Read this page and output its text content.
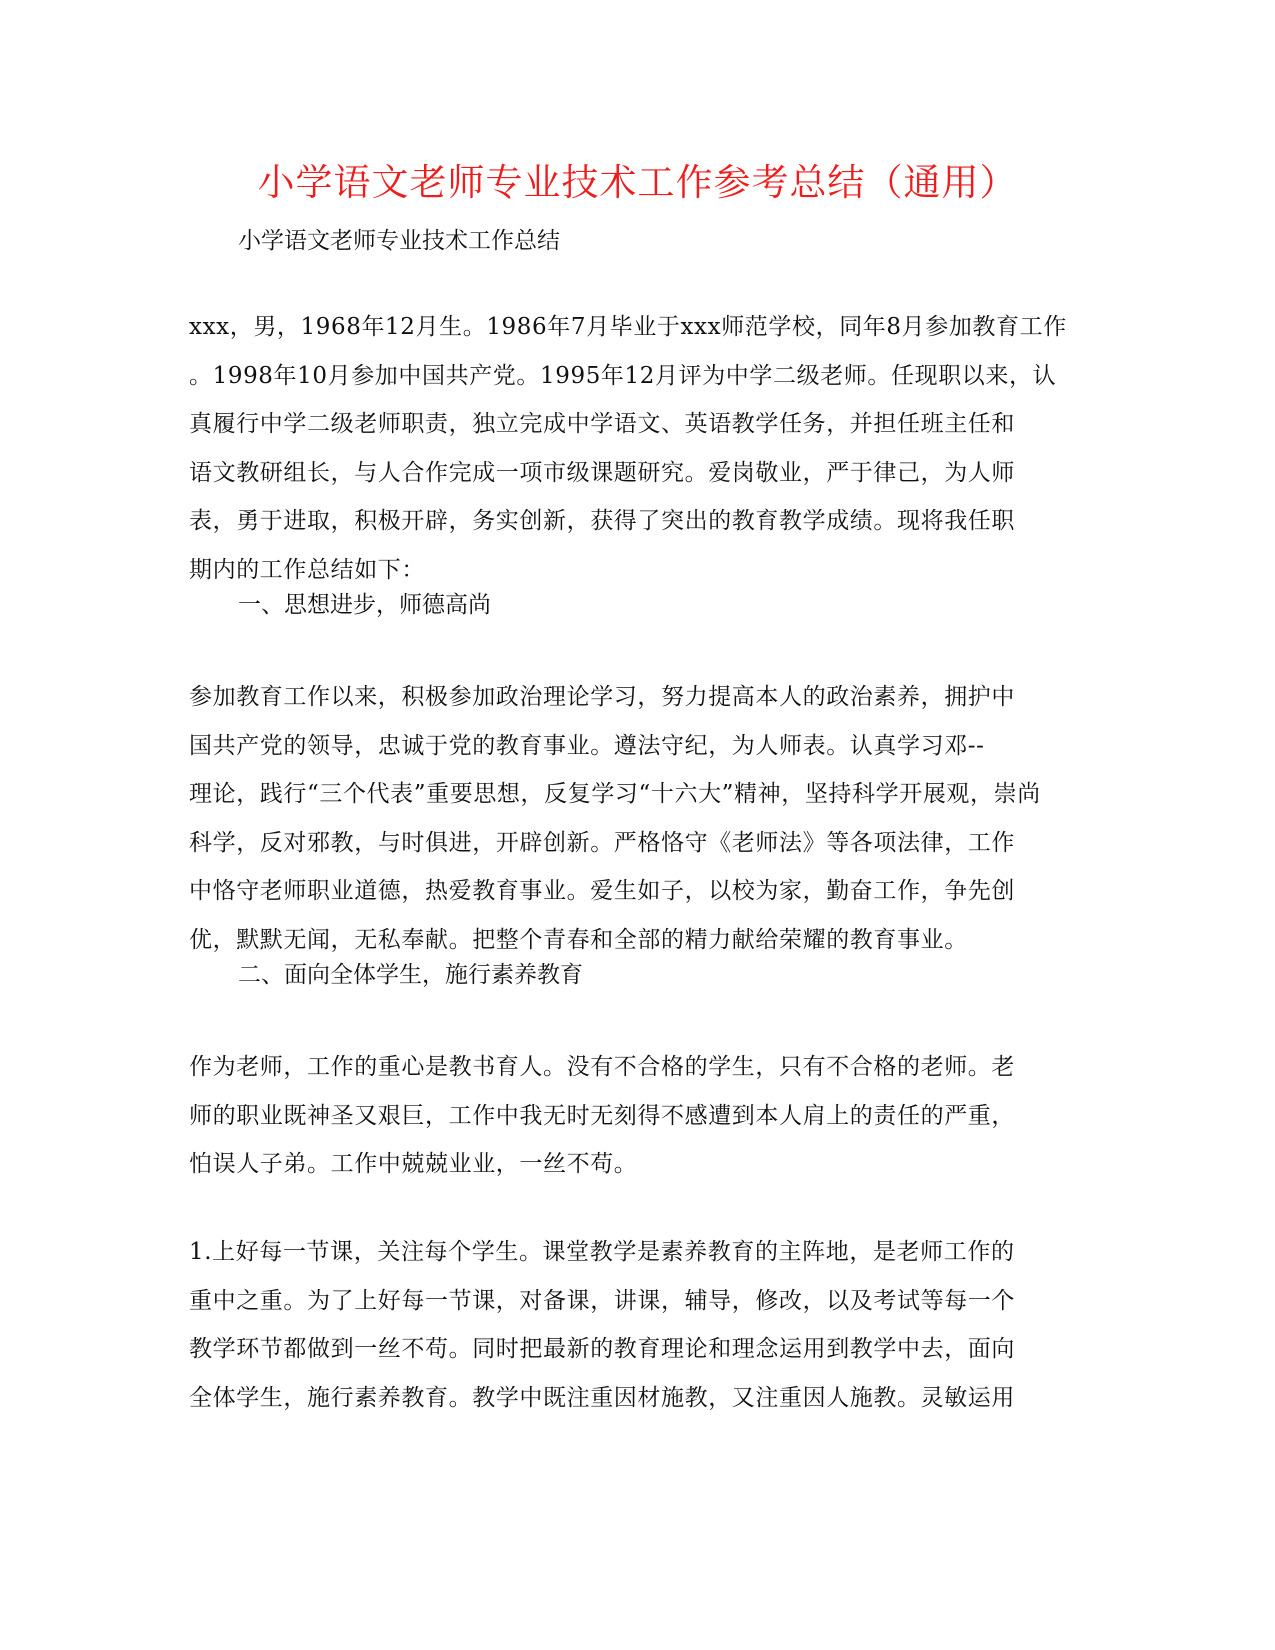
小学语文老师专业技术工作参考总结（通用）
小学语文老师专业技术工作总结
xxx，男，1968年12月生。1986年7月毕业于xxx师范学校，同年8月参加教育工作
。1998年10月参加中国共产党。1995年12月评为中学二级老师。任现职以来，认
真履行中学二级老师职责，独立完成中学语文、英语教学任务，并担任班主任和
语文教研组长，与人合作完成一项市级课题研究。爱岗敬业，严于律己，为人师
表，勇于进取，积极开辟，务实创新，获得了突出的教育教学成绩。现将我任职
期内的工作总结如下：
一、思想进步，师德高尚
参加教育工作以来，积极参加政治理论学习，努力提高本人的政治素养，拥护中
国共产党的领导，忠诚于党的教育事业。遵法守纪，为人师表。认真学习邓--
理论，践行“三个代表”重要思想，反复学习“十六大”精神，坚持科学开展观，崇尚
科学，反对邪教，与时俱进，开辟创新。严格恪守《老师法》等各项法律，工作
中恪守老师职业道德，热爱教育事业。爱生如子，以校为家，勤奋工作，争先创
优，默默无闻，无私奉献。把整个青春和全部的精力献给荣耀的教育事业。
二、面向全体学生，施行素养教育
作为老师，工作的重心是教书育人。没有不合格的学生，只有不合格的老师。老
师的职业既神圣又艰巨，工作中我无时无刻得不感遭到本人肩上的责任的严重，
怕误人子弟。工作中兢兢业业，一丝不苟。
1.上好每一节课，关注每个学生。课堂教学是素养教育的主阵地，是老师工作的
重中之重。为了上好每一节课，对备课，讲课，辅导，修改，以及考试等每一个
教学环节都做到一丝不苟。同时把最新的教育理论和理念运用到教学中去，面向
全体学生，施行素养教育。教学中既注重因材施教，又注重因人施教。灵敏运用
